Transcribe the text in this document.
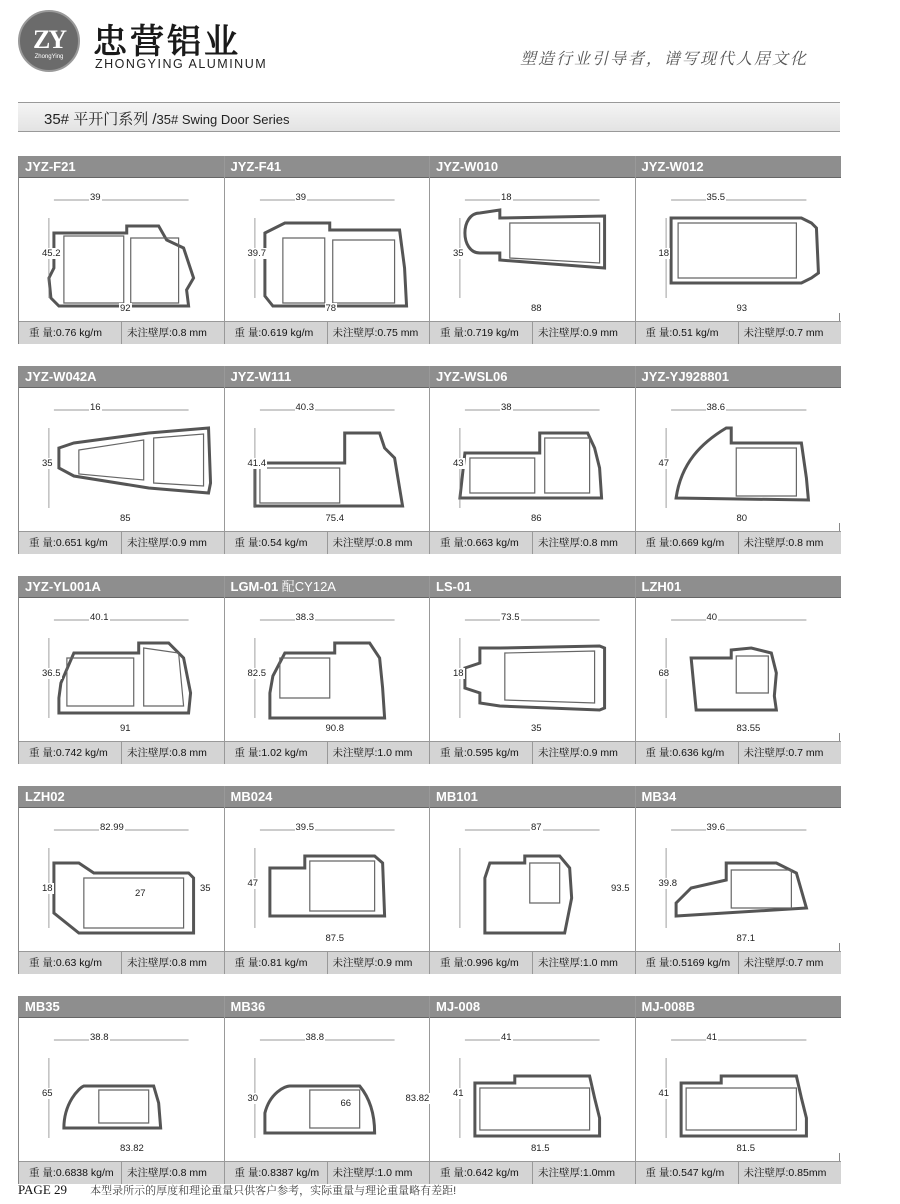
ZY
ZhongYing 忠营铝业
ZHONGYING ALUMINUM	塑造行业引导者，谱写现代人居文化
35# 平开门系列 /35# Swing Door Series
JYZ-F21
39
45.2
92
重 量:0.76 kg/m 未注壁厚:0.8 mm
JYZ-F41
39
39.7
78
重 量:0.619 kg/m 未注壁厚:0.75 mm
JYZ-W010
18
35
88
重 量:0.719 kg/m 未注壁厚:0.9 mm
JYZ-W012
35.5
18
93
重 量:0.51 kg/m 未注壁厚:0.7 mm
JYZ-W042A
16
35
85
重 量:0.651 kg/m 未注壁厚:0.9 mm
JYZ-W111
40.3
41.4
75.4
重 量:0.54 kg/m 未注壁厚:0.8 mm
JYZ-WSL06
38
43
86
重 量:0.663 kg/m 未注壁厚:0.8 mm
JYZ-YJ928801
38.6
47
80
重 量:0.669 kg/m 未注壁厚:0.8 mm
JYZ-YL001A
40.1
36.5
91
重 量:0.742 kg/m 未注壁厚:0.8 mm
LGM-01 配CY12A
38.3
82.5
90.8
重 量:1.02 kg/m 未注壁厚:1.0 mm
LS-01
73.5
18
35
重 量:0.595 kg/m 未注壁厚:0.9 mm
LZH01
40
68
83.55
重 量:0.636 kg/m 未注壁厚:0.7 mm
LZH02
82.99
18	27	35
重 量:0.63 kg/m 未注壁厚:0.8 mm
MB024
39.5
47
87.5
重 量:0.81 kg/m 未注壁厚:0.9 mm
MB101
87
93.5
重 量:0.996 kg/m 未注壁厚:1.0 mm
MB34
39.6
39.8
87.1
重 量:0.5169 kg/m 未注壁厚:0.7 mm
MB35
38.8
65
83.82
重 量:0.6838 kg/m 未注壁厚:0.8 mm
MB36
38.8
30	66	83.82
重 量:0.8387 kg/m 未注壁厚:1.0 mm
MJ-008
41
41
81.5
重 量:0.642 kg/m 未注壁厚:1.0mm
MJ-008B
41
41
81.5
重 量:0.547 kg/m 未注壁厚:0.85mm
PAGE 29 本型录所示的厚度和理论重量只供客户参考，实际重量与理论重量略有差距!
